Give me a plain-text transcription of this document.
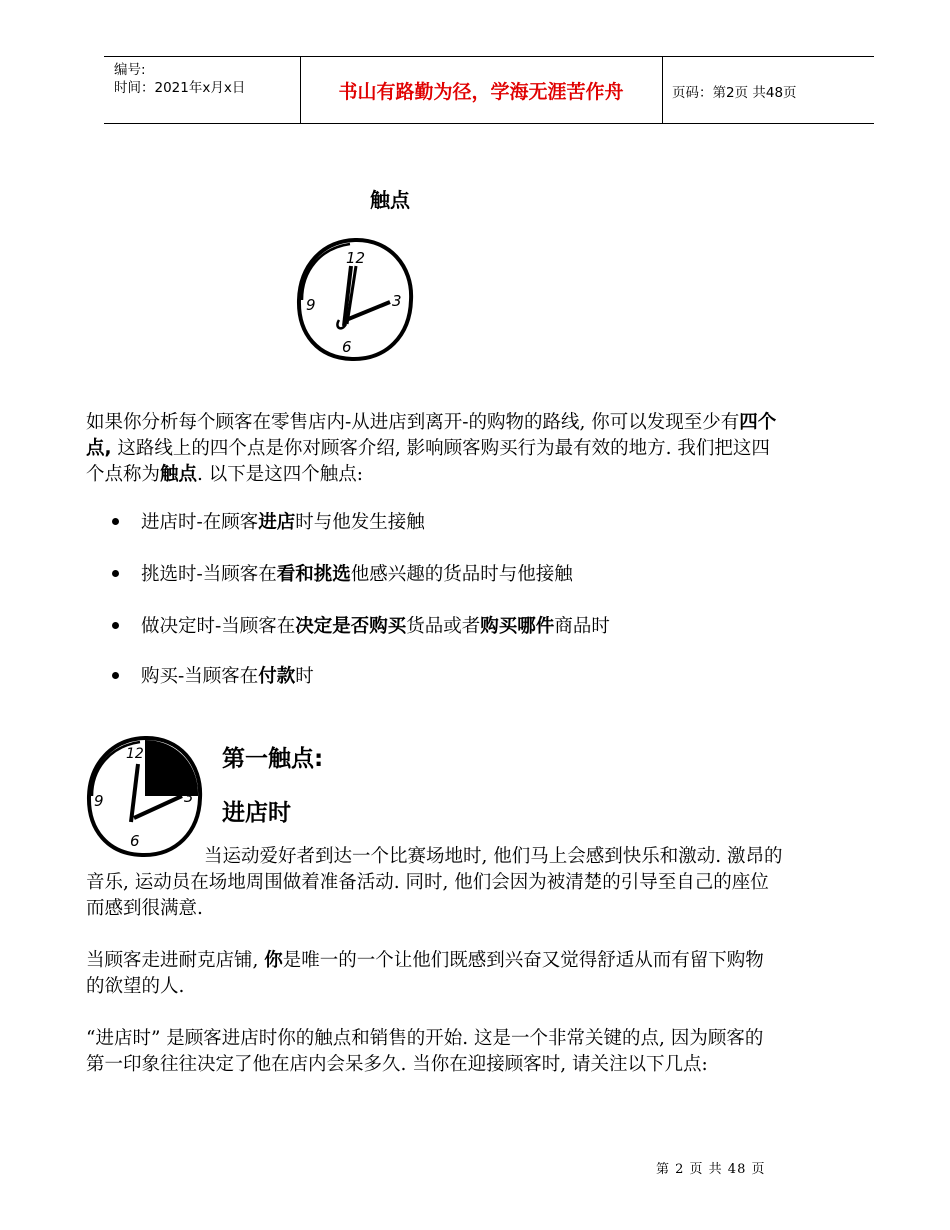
编号:
时间：2021年x月x日	书山有路勤为径，学海无涯苦作舟	页码：第2页 共48页
触点
12
3
9
6
如果你分析每个顾客在零售店内-从进店到离开-的购物的路线, 你可以发现至少有四个
点, 这路线上的四个点是你对顾客介绍, 影响顾客购买行为最有效的地方. 我们把这四
个点称为触点. 以下是这四个触点:
进店时-在顾客进店时与他发生接触
挑选时-当顾客在看和挑选他感兴趣的货品时与他接触
做决定时-当顾客在决定是否购买货品或者购买哪件商品时
购买-当顾客在付款时
12
3
9
6
第一触点:
进店时
当运动爱好者到达一个比赛场地时, 他们马上会感到快乐和激动. 激昂的
音乐, 运动员在场地周围做着准备活动. 同时, 他们会因为被清楚的引导至自己的座位
而感到很满意.
当顾客走进耐克店铺, 你是唯一的一个让他们既感到兴奋又觉得舒适从而有留下购物
的欲望的人.
“进店时” 是顾客进店时你的触点和销售的开始. 这是一个非常关键的点, 因为顾客的
第一印象往往决定了他在店内会呆多久. 当你在迎接顾客时, 请关注以下几点:
第 2 页 共 48 页
